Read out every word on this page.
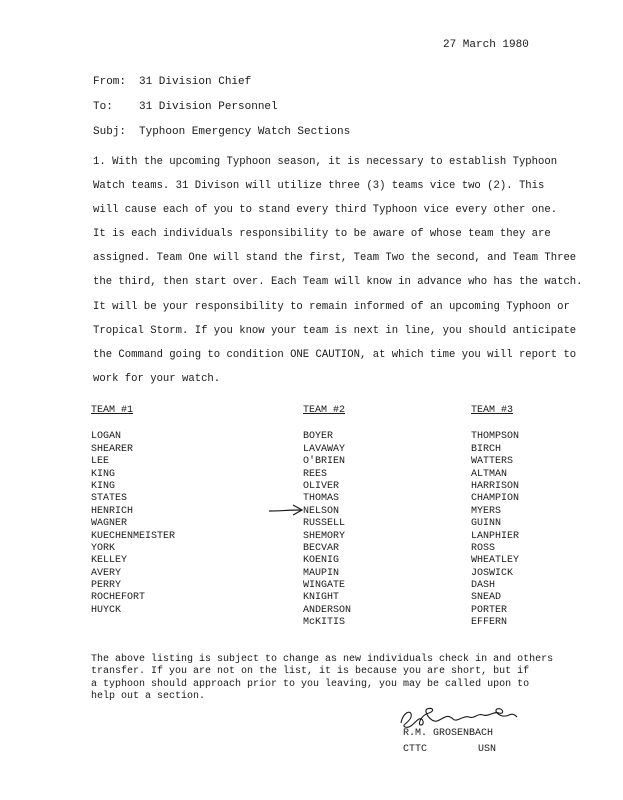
27 March 1980
From: 31 Division Chief
To: 31 Division Personnel
Subj: Typhoon Emergency Watch Sections
1. With the upcoming Typhoon season, it is necessary to establish Typhoon
Watch teams. 31 Divison will utilize three (3) teams vice two (2). This
will cause each of you to stand every third Typhoon vice every other one.
It is each individuals responsibility to be aware of whose team they are
assigned. Team One will stand the first, Team Two the second, and Team Three
the third, then start over. Each Team will know in advance who has the watch.
It will be your responsibility to remain informed of an upcoming Typhoon or
Tropical Storm. If you know your team is next in line, you should anticipate
the Command going to condition ONE CAUTION, at which time you will report to
work for your watch.
TEAM #1
LOGAN
SHEARER
LEE
KING
KING
STATES
HENRICH
WAGNER
KUECHENMEISTER
YORK
KELLEY
AVERY
PERRY
ROCHEFORT
HUYCK
TEAM #2
BOYER
LAVAWAY
O'BRIEN
REES
OLIVER
THOMAS
NELSON
RUSSELL
SHEMORY
BECVAR
KOENIG
MAUPIN
WINGATE
KNIGHT
ANDERSON
McKITIS
TEAM #3
THOMPSON
BIRCH
WATTERS
ALTMAN
HARRISON
CHAMPION
MYERS
GUINN
LANPHIER
ROSS
WHEATLEY
JOSWICK
DASH
SNEAD
PORTER
EFFERN
The above listing is subject to change as new individuals check in and others
transfer. If you are not on the list, it is because you are short, but if
a typhoon should approach prior to you leaving, you may be called upon to
help out a section.
R.M. GROSENBACH
CTTC	USN
